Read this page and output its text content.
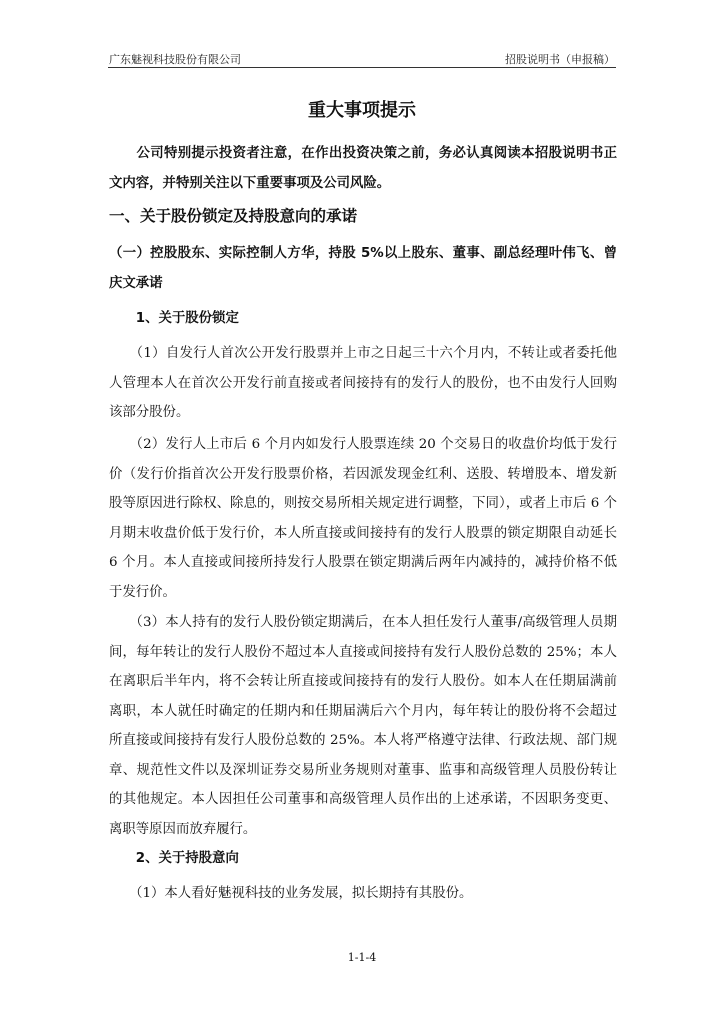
广东魅视科技股份有限公司	招股说明书（申报稿）
重大事项提示
　　公司特别提示投资者注意，在作出投资决策之前，务必认真阅读本招股说明书正文内容，并特别关注以下重要事项及公司风险。
一、关于股份锁定及持股意向的承诺
（一）控股股东、实际控制人方华，持股 5%以上股东、董事、副总经理叶伟飞、曾庆文承诺
　　1、关于股份锁定
　　（1）自发行人首次公开发行股票并上市之日起三十六个月内，不转让或者委托他人管理本人在首次公开发行前直接或者间接持有的发行人的股份，也不由发行人回购该部分股份。
　　（2）发行人上市后 6 个月内如发行人股票连续 20 个交易日的收盘价均低于发行价（发行价指首次公开发行股票价格，若因派发现金红利、送股、转增股本、增发新股等原因进行除权、除息的，则按交易所相关规定进行调整，下同），或者上市后 6 个月期末收盘价低于发行价，本人所直接或间接持有的发行人股票的锁定期限自动延长 6 个月。本人直接或间接所持发行人股票在锁定期满后两年内减持的，减持价格不低于发行价。
　　（3）本人持有的发行人股份锁定期满后，在本人担任发行人董事/高级管理人员期间，每年转让的发行人股份不超过本人直接或间接持有发行人股份总数的 25%；本人在离职后半年内，将不会转让所直接或间接持有的发行人股份。如本人在任期届满前离职，本人就任时确定的任期内和任期届满后六个月内，每年转让的股份将不会超过所直接或间接持有发行人股份总数的 25%。本人将严格遵守法律、行政法规、部门规章、规范性文件以及深圳证券交易所业务规则对董事、监事和高级管理人员股份转让的其他规定。本人因担任公司董事和高级管理人员作出的上述承诺，不因职务变更、离职等原因而放弃履行。
　　2、关于持股意向
　　（1）本人看好魅视科技的业务发展，拟长期持有其股份。
1-1-4
